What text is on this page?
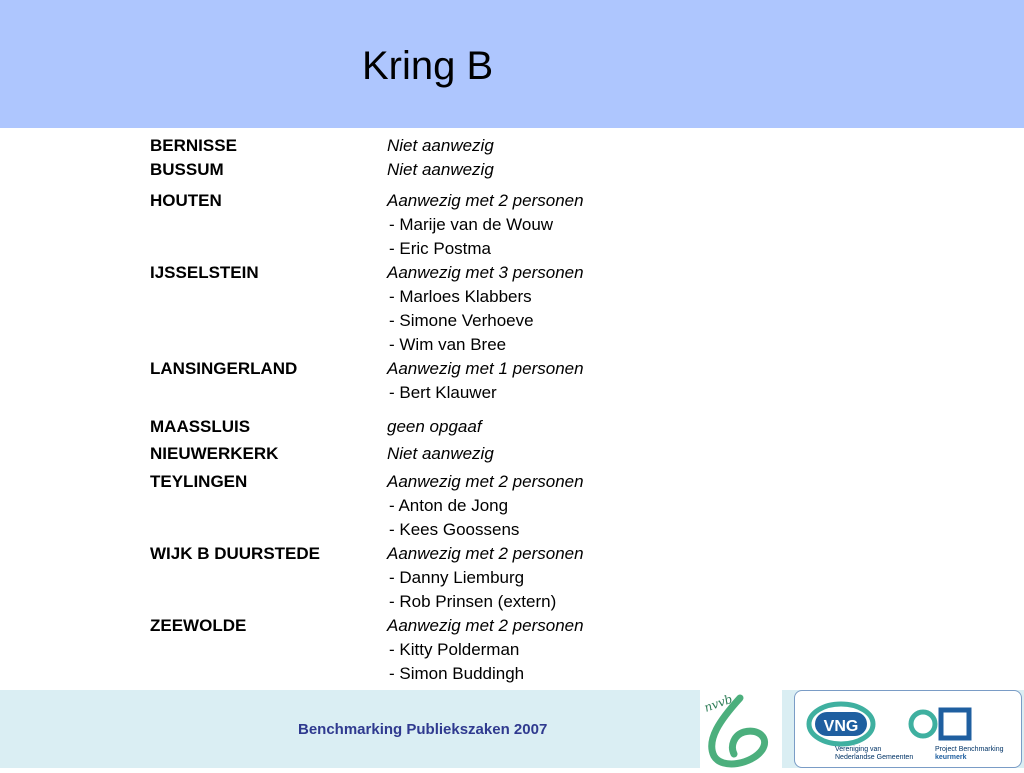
Kring B
BERNISSE	Niet aanwezig
BUSSUM	Niet aanwezig
HOUTEN	Aanwezig met 2 personen
- Marije van de Wouw
- Eric Postma
IJSSELSTEIN	Aanwezig met 3 personen
- Marloes Klabbers
- Simone Verhoeve
- Wim van Bree
LANSINGERLAND	Aanwezig met 1 personen
- Bert Klauwer
MAASSLUIS	geen opgaaf
NIEUWERKERK	Niet aanwezig
TEYLINGEN	Aanwezig met 2 personen
- Anton de Jong
- Kees Goossens
WIJK B DUURSTEDE	Aanwezig met 2 personen
- Danny Liemburg
- Rob Prinsen (extern)
ZEEWOLDE	Aanwezig met 2 personen
- Kitty Polderman
- Simon Buddingh
Benchmarking Publiekszaken 2007
nvvb
VNG
Vereniging van
Nederlandse Gemeenten
Project Benchmarking
keurmerk
